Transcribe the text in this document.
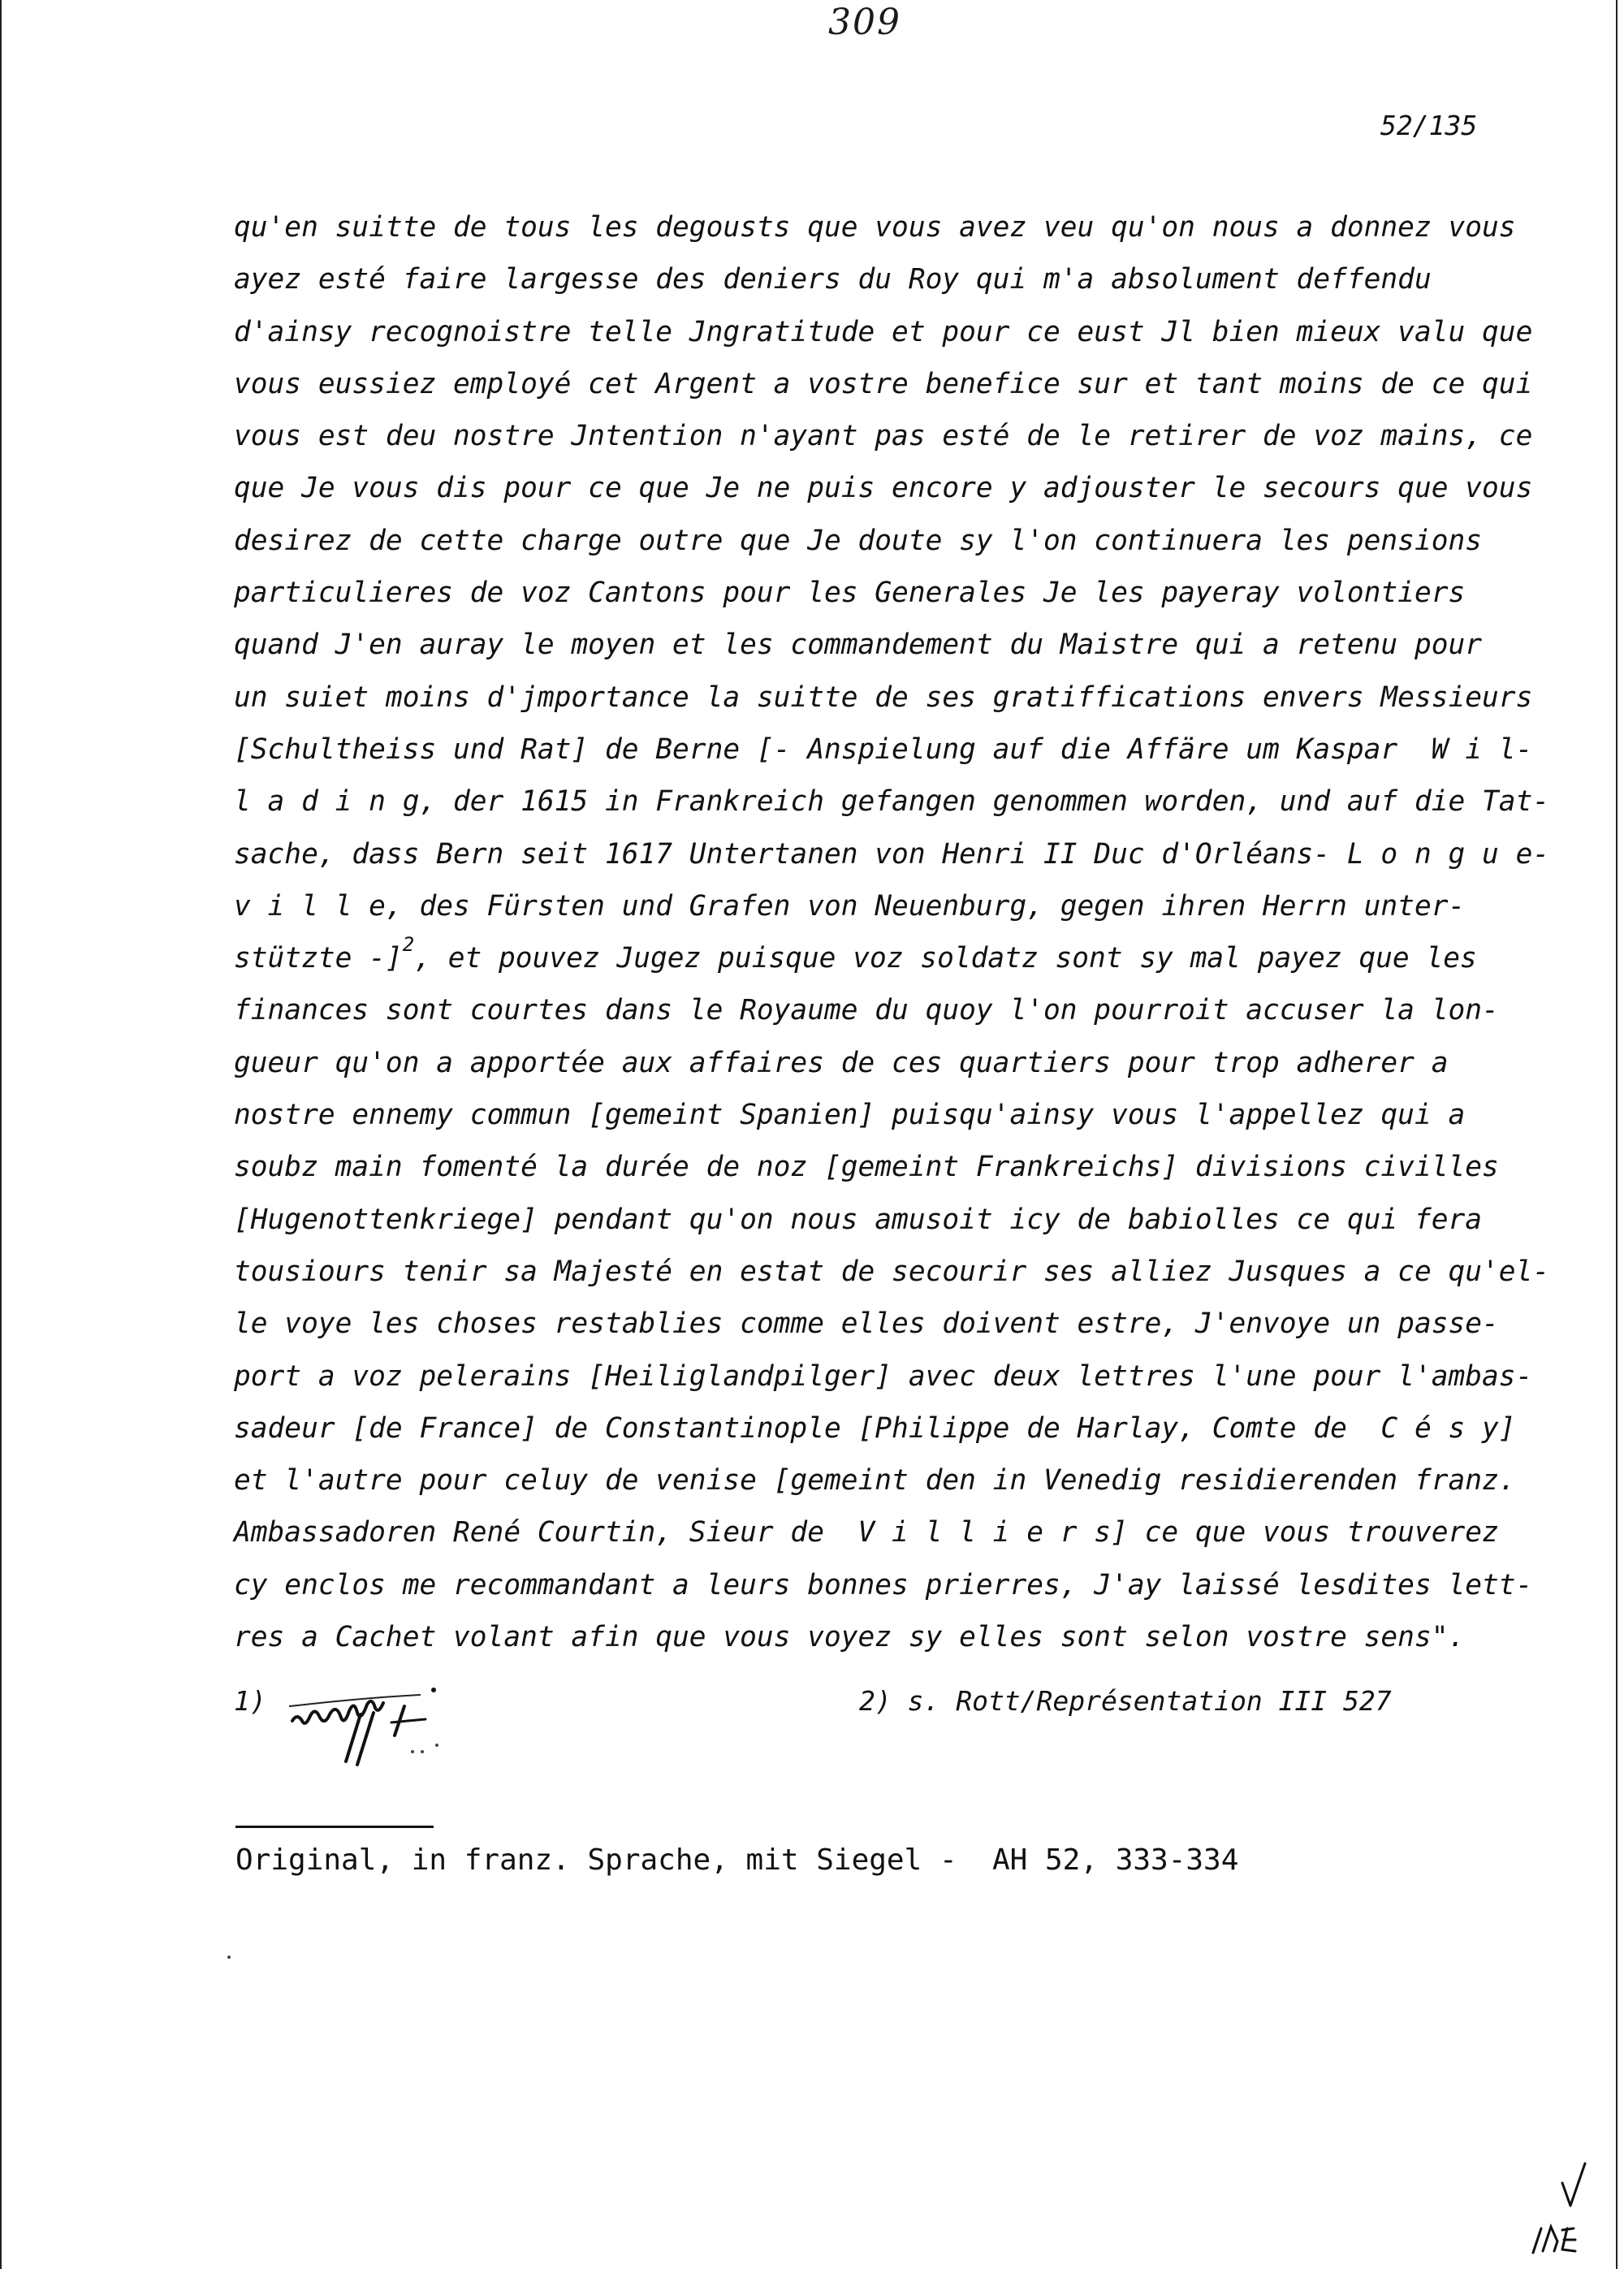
309
52/135
qu'en suitte de tous les degousts que vous avez veu qu'on nous a donnez vous
ayez esté faire largesse des deniers du Roy qui m'a absolument deffendu
d'ainsy recognoistre telle Jngratitude et pour ce eust Jl bien mieux valu que
vous eussiez employé cet Argent a vostre benefice sur et tant moins de ce qui
vous est deu nostre Jntention n'ayant pas esté de le retirer de voz mains, ce
que Je vous dis pour ce que Je ne puis encore y adjouster le secours que vous
desirez de cette charge outre que Je doute sy l'on continuera les pensions
particulieres de voz Cantons pour les Generales Je les payeray volontiers
quand J'en auray le moyen et les commandement du Maistre qui a retenu pour
un suiet moins d'jmportance la suitte de ses gratiffications envers Messieurs
[Schultheiss und Rat] de Berne [- Anspielung auf die Affäre um Kaspar  W i l-
l a d i n g, der 1615 in Frankreich gefangen genommen worden, und auf die Tat-
sache, dass Bern seit 1617 Untertanen von Henri II Duc d'Orléans- L o n g u e-
v i l l e, des Fürsten und Grafen von Neuenburg, gegen ihren Herrn unter-
stützte -]$^2$, et pouvez Jugez puisque voz soldatz sont sy mal payez que les
finances sont courtes dans le Royaume du quoy l'on pourroit accuser la lon-
gueur qu'on a apportée aux affaires de ces quartiers pour trop adherer a
nostre ennemy commun [gemeint Spanien] puisqu'ainsy vous l'appellez qui a
soubz main fomenté la durée de noz [gemeint Frankreichs] divisions civilles
[Hugenottenkriege] pendant qu'on nous amusoit icy de babiolles ce qui fera
tousiours tenir sa Majesté en estat de secourir ses alliez Jusques a ce qu'el-
le voye les choses restablies comme elles doivent estre, J'envoye un passe-
port a voz pelerains [Heiliglandpilger] avec deux lettres l'une pour l'ambas-
sadeur [de France] de Constantinople [Philippe de Harlay, Comte de  C é s y]
et l'autre pour celuy de venise [gemeint den in Venedig residierenden franz.
Ambassadoren René Courtin, Sieur de  V i l l i e r s] ce que vous trouverez
cy enclos me recommandant a leurs bonnes prierres, J'ay laissé lesdites lett-
res a Cachet volant afin que vous voyez sy elles sont selon vostre sens".
1)	2) s. Rott/Représentation III 527
Original, in franz. Sprache, mit Siegel -  AH 52, 333-334
